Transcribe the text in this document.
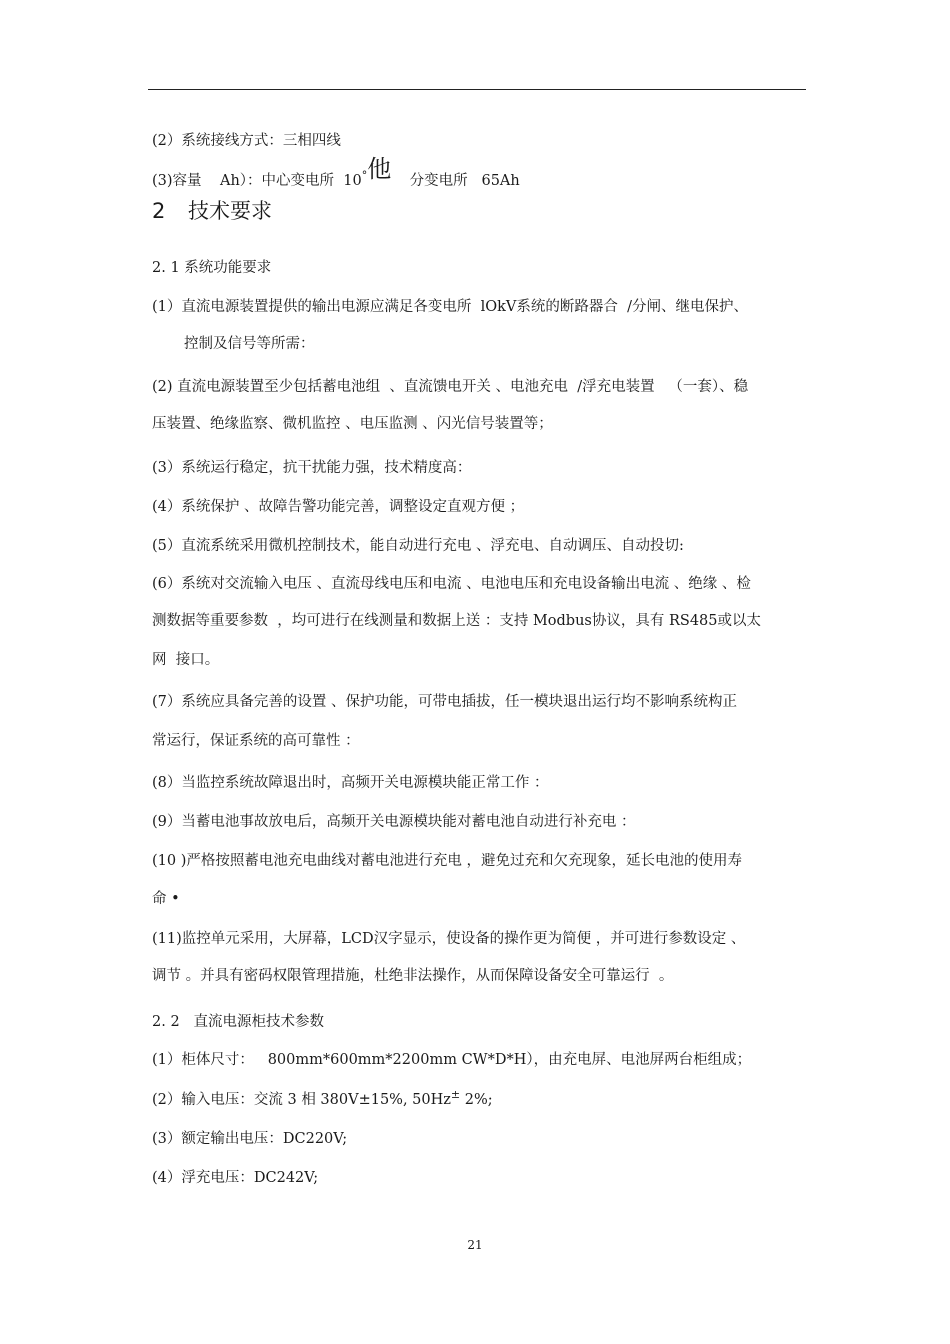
(2）系统接线方式：三相四线
(3)容量    Ah）：中心变电所  10°他    分变电所   65Ah
2 技术要求
2. 1 系统功能要求
(1）直流电源装置提供的输出电源应满足各变电所  lOkV系统的断路器合  /分闸、继电保护、
控制及信号等所需：
(2) 直流电源装置至少包括蓄电池组  、直流馈电开关 、电池充电  /浮充电装置   （一套）、稳
压装置、绝缘监察、微机监控 、电压监测 、闪光信号装置等；
(3）系统运行稳定，抗干扰能力强，技术精度高：
(4）系统保护 、故障告警功能完善，调整设定直观方便 ；
(5）直流系统采用微机控制技术，能自动进行充电 、浮充电、自动调压、自动投切:
(6）系统对交流输入电压 、直流母线电压和电流 、电池电压和充电设备输出电流 、绝缘 、检
测数据等重要参数  ，均可进行在线测量和数据上送 ：支持 Modbus协议，具有 RS485或以太
网  接口。
(7）系统应具备完善的设置 、保护功能，可带电插拔，任一模块退出运行均不影响系统构正
常运行，保证系统的高可靠性 ：
(8）当监控系统故障退出时，高频开关电源模块能正常工作 ：
(9）当蓄电池事故放电后，高频开关电源模块能对蓄电池自动进行补充电 ：
(10 )严格按照蓄电池充电曲线对蓄电池进行充电 ，避免过充和欠充现象，延长电池的使用寿
命 •
(11)监控单元采用，大屏幕，LCD汉字显示，使设备的操作更为简便 ，并可进行参数设定 、
调节 。并具有密码权限管理措施，杜绝非法操作，从而保障设备安全可靠运行  。
2. 2   直流电源柜技术参数
(1）柜体尺寸：   800mm*600mm*2200mm CW*D*H），由充电屏、电池屏两台柜组成；
(2）输入电压：交流 3 相 380V±15%, 50Hz± 2%;
(3）额定输出电压：DC220V;
(4）浮充电压：DC242V;
21
